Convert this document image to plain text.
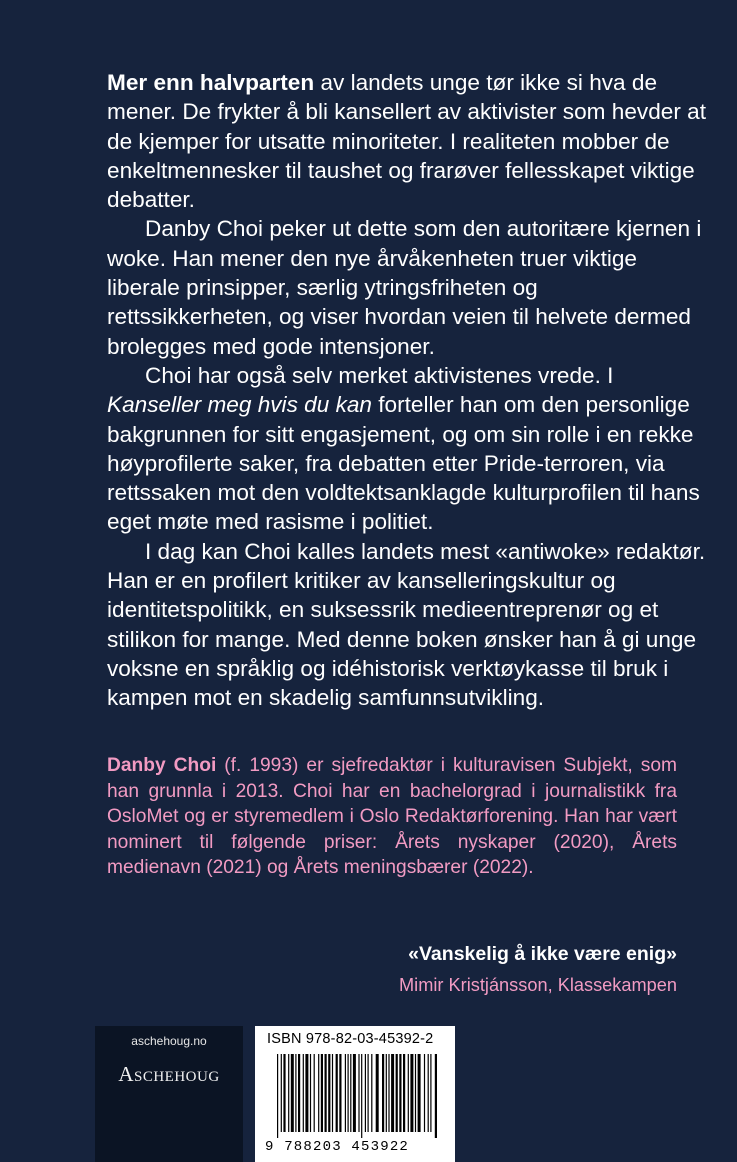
Mer enn halvparten av landets unge tør ikke si hva de mener. De frykter å bli kansellert av aktivister som hevder at de kjemper for utsatte minoriteter. I realiteten mobber de enkeltmennesker til taushet og frarøver fellesskapet viktige debatter.

Danby Choi peker ut dette som den autoritære kjernen i woke. Han mener den nye årvåkenheten truer viktige liberale prinsipper, særlig ytringsfriheten og rettssikkerheten, og viser hvordan veien til helvete dermed brolegges med gode intensjoner.

Choi har også selv merket aktivistenes vrede. I Kanseller meg hvis du kan forteller han om den personlige bakgrunnen for sitt engasjement, og om sin rolle i en rekke høyprofilerte saker, fra debatten etter Pride-terroren, via rettssaken mot den voldtektsanklagde kulturprofilen til hans eget møte med rasisme i politiet.

I dag kan Choi kalles landets mest «antiwoke» redaktør. Han er en profilert kritiker av kanselleringskultur og identitetspolitikk, en suksessrik medieentreprenør og et stilikon for mange. Med denne boken ønsker han å gi unge voksne en språklig og idéhistorisk verktøykasse til bruk i kampen mot en skadelig samfunnsutvikling.

Danby Choi (f. 1993) er sjefredaktør i kulturavisen Subjekt, som han grunnla i 2013. Choi har en bachelorgrad i journalistikk fra OsloMet og er styremedlem i Oslo Redaktørforening. Han har vært nominert til følgende priser: Årets nyskaper (2020), Årets medienavn (2021) og Årets meningsbærer (2022).

«Vanskelig å ikke være enig»
Mimir Kristjánsson, Klassekampen
aschehoug.no
Aschehoug
ISBN 978-82-03-45392-2
9 788203 453922
